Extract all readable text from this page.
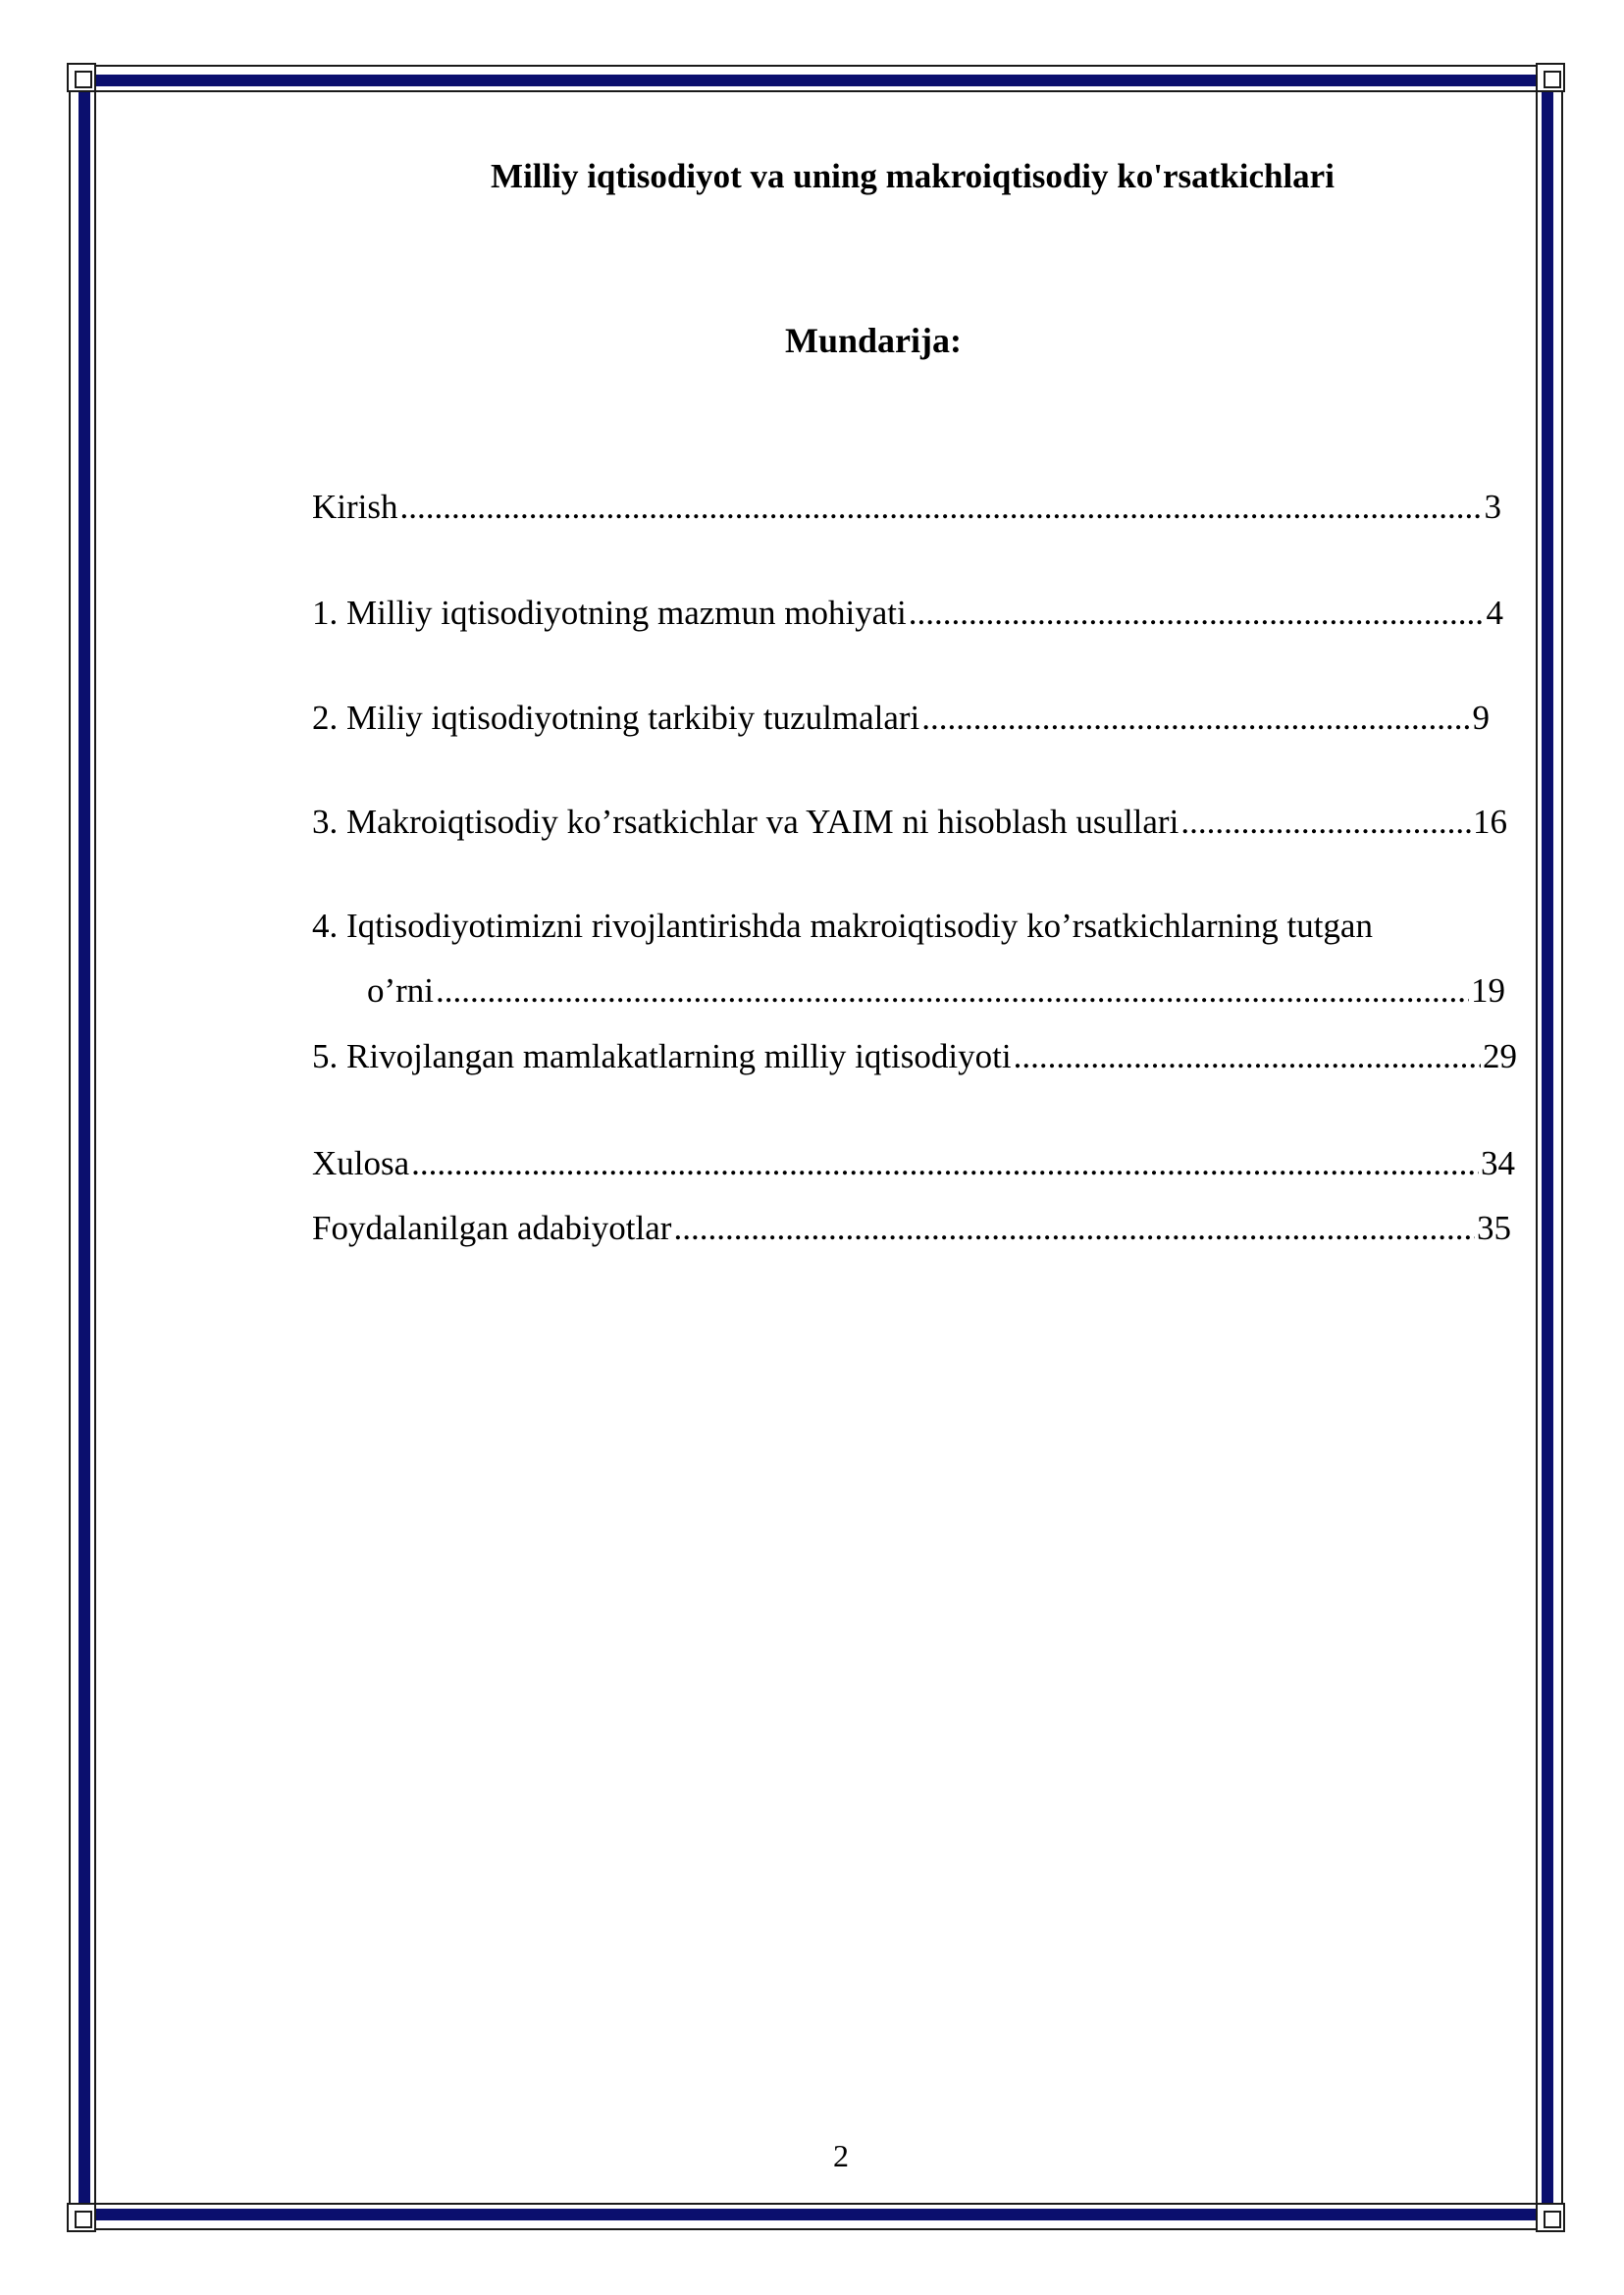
Milliy iqtisodiyot va uning makroiqtisodiy ko'rsatkichlari
Mundarija:
Kirish .....	3
1. Milliy iqtisodiyotning mazmun mohiyati .....	4
2. Miliy iqtisodiyotning tarkibiy tuzulmalari .....	9
3. Makroiqtisodiy ko’rsatkichlar va YAIM ni hisoblash usullari .....	16
4. Iqtisodiyotimizni rivojlantirishda makroiqtisodiy ko’rsatkichlarning tutgan
o’rni .....	19
5. Rivojlangan mamlakatlarning milliy iqtisodiyoti .....	29
Xulosa .....	34
Foydalanilgan adabiyotlar .....	35
2
